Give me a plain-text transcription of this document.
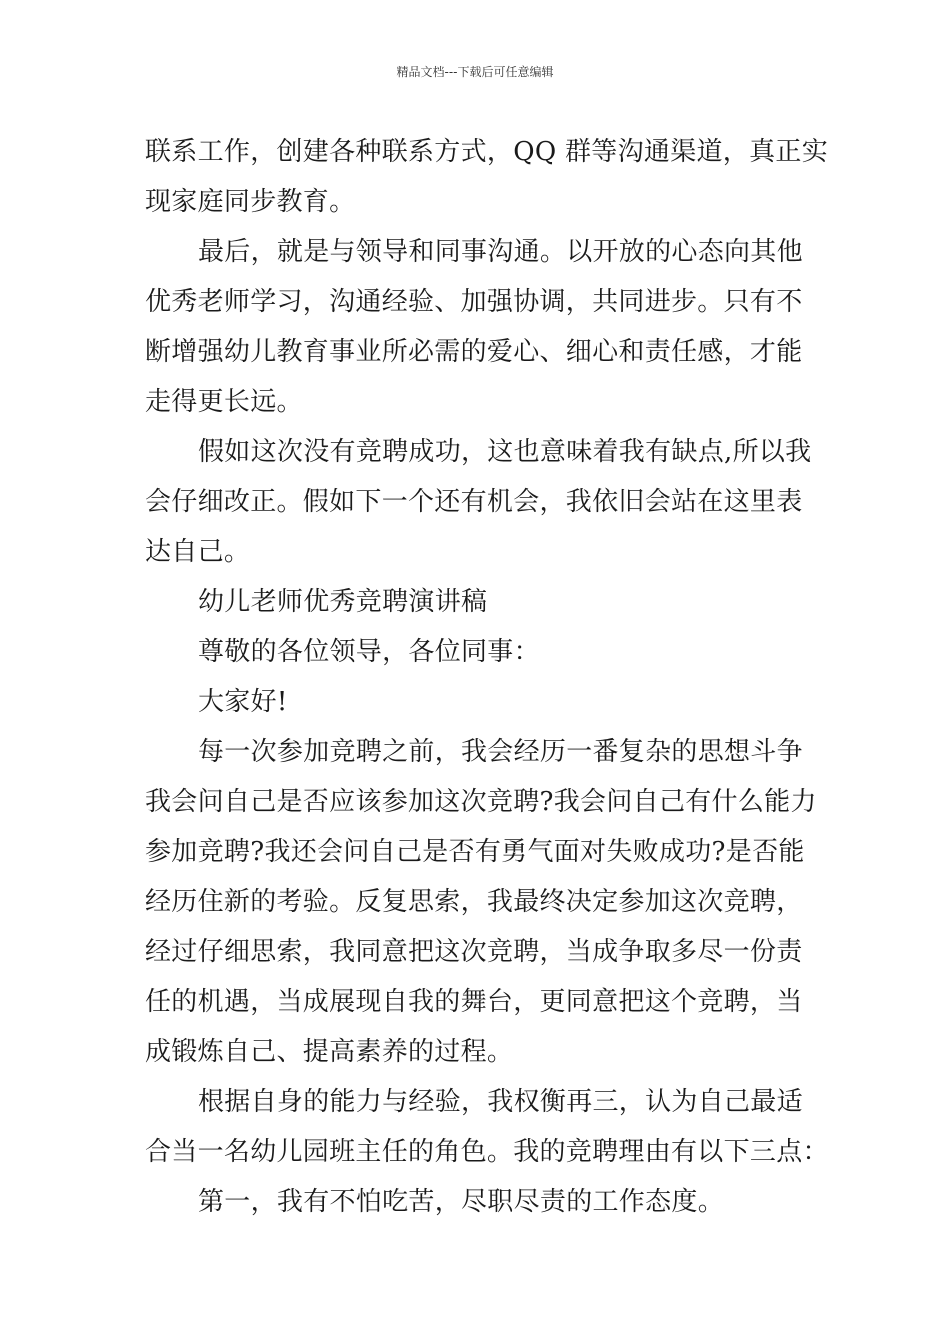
精品文档---下载后可任意编辑
联系工作，创建各种联系方式，QQ 群等沟通渠道，真正实
现家庭同步教育。
最后，就是与领导和同事沟通。以开放的心态向其他
优秀老师学习，沟通经验、加强协调，共同进步。只有不
断增强幼儿教育事业所必需的爱心、细心和责任感，才能
走得更长远。
假如这次没有竞聘成功，这也意味着我有缺点,所以我
会仔细改正。假如下一个还有机会，我依旧会站在这里表
达自己。
幼儿老师优秀竞聘演讲稿
尊敬的各位领导，各位同事：
大家好!
每一次参加竞聘之前，我会经历一番复杂的思想斗争
我会问自己是否应该参加这次竞聘?我会问自己有什么能力
参加竞聘?我还会问自己是否有勇气面对失败成功?是否能
经历住新的考验。反复思索，我最终决定参加这次竞聘，
经过仔细思索，我同意把这次竞聘，当成争取多尽一份责
任的机遇，当成展现自我的舞台，更同意把这个竞聘，当
成锻炼自己、提高素养的过程。
根据自身的能力与经验，我权衡再三，认为自己最适
合当一名幼儿园班主任的角色。我的竞聘理由有以下三点：
第一，我有不怕吃苦，尽职尽责的工作态度。
